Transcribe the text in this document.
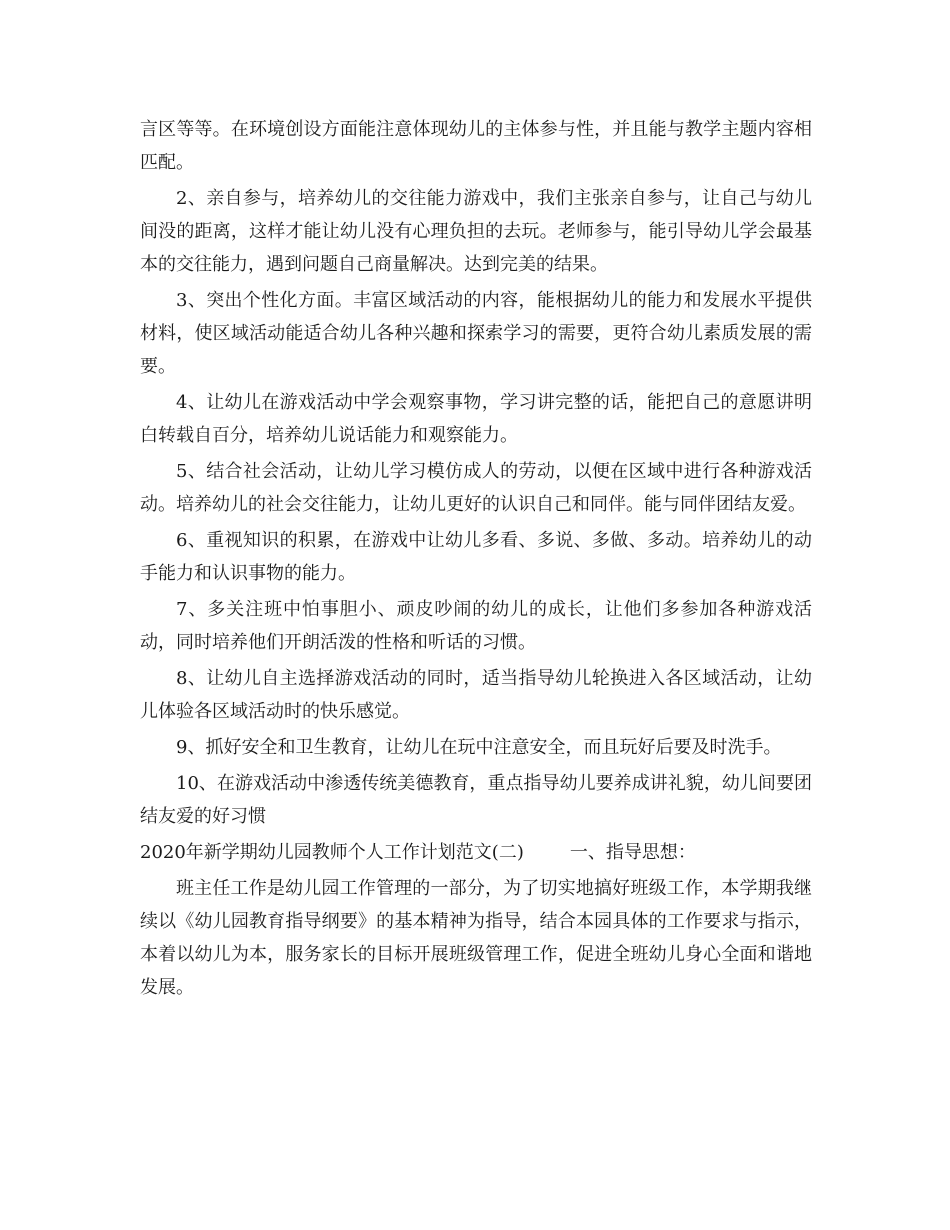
言区等等。在环境创设方面能注意体现幼儿的主体参与性，并且能与教学主题内容相匹配。

2、亲自参与，培养幼儿的交往能力游戏中，我们主张亲自参与，让自己与幼儿间没的距离，这样才能让幼儿没有心理负担的去玩。老师参与，能引导幼儿学会最基本的交往能力，遇到问题自己商量解决。达到完美的结果。

3、突出个性化方面。丰富区域活动的内容，能根据幼儿的能力和发展水平提供材料，使区域活动能适合幼儿各种兴趣和探索学习的需要，更符合幼儿素质发展的需要。

4、让幼儿在游戏活动中学会观察事物，学习讲完整的话，能把自己的意愿讲明白转载自百分，培养幼儿说话能力和观察能力。

5、结合社会活动，让幼儿学习模仿成人的劳动，以便在区域中进行各种游戏活动。培养幼儿的社会交往能力，让幼儿更好的认识自己和同伴。能与同伴团结友爱。

6、重视知识的积累，在游戏中让幼儿多看、多说、多做、多动。培养幼儿的动手能力和认识事物的能力。

7、多关注班中怕事胆小、顽皮吵闹的幼儿的成长，让他们多参加各种游戏活动，同时培养他们开朗活泼的性格和听话的习惯。

8、让幼儿自主选择游戏活动的同时，适当指导幼儿轮换进入各区域活动，让幼儿体验各区域活动时的快乐感觉。

9、抓好安全和卫生教育，让幼儿在玩中注意安全，而且玩好后要及时洗手。

10、在游戏活动中渗透传统美德教育，重点指导幼儿要养成讲礼貌，幼儿间要团结友爱的好习惯

2020年新学期幼儿园教师个人工作计划范文(二)	一、指导思想：

班主任工作是幼儿园工作管理的一部分，为了切实地搞好班级工作，本学期我继续以《幼儿园教育指导纲要》的基本精神为指导，结合本园具体的工作要求与指示，本着以幼儿为本，服务家长的目标开展班级管理工作，促进全班幼儿身心全面和谐地发展。
